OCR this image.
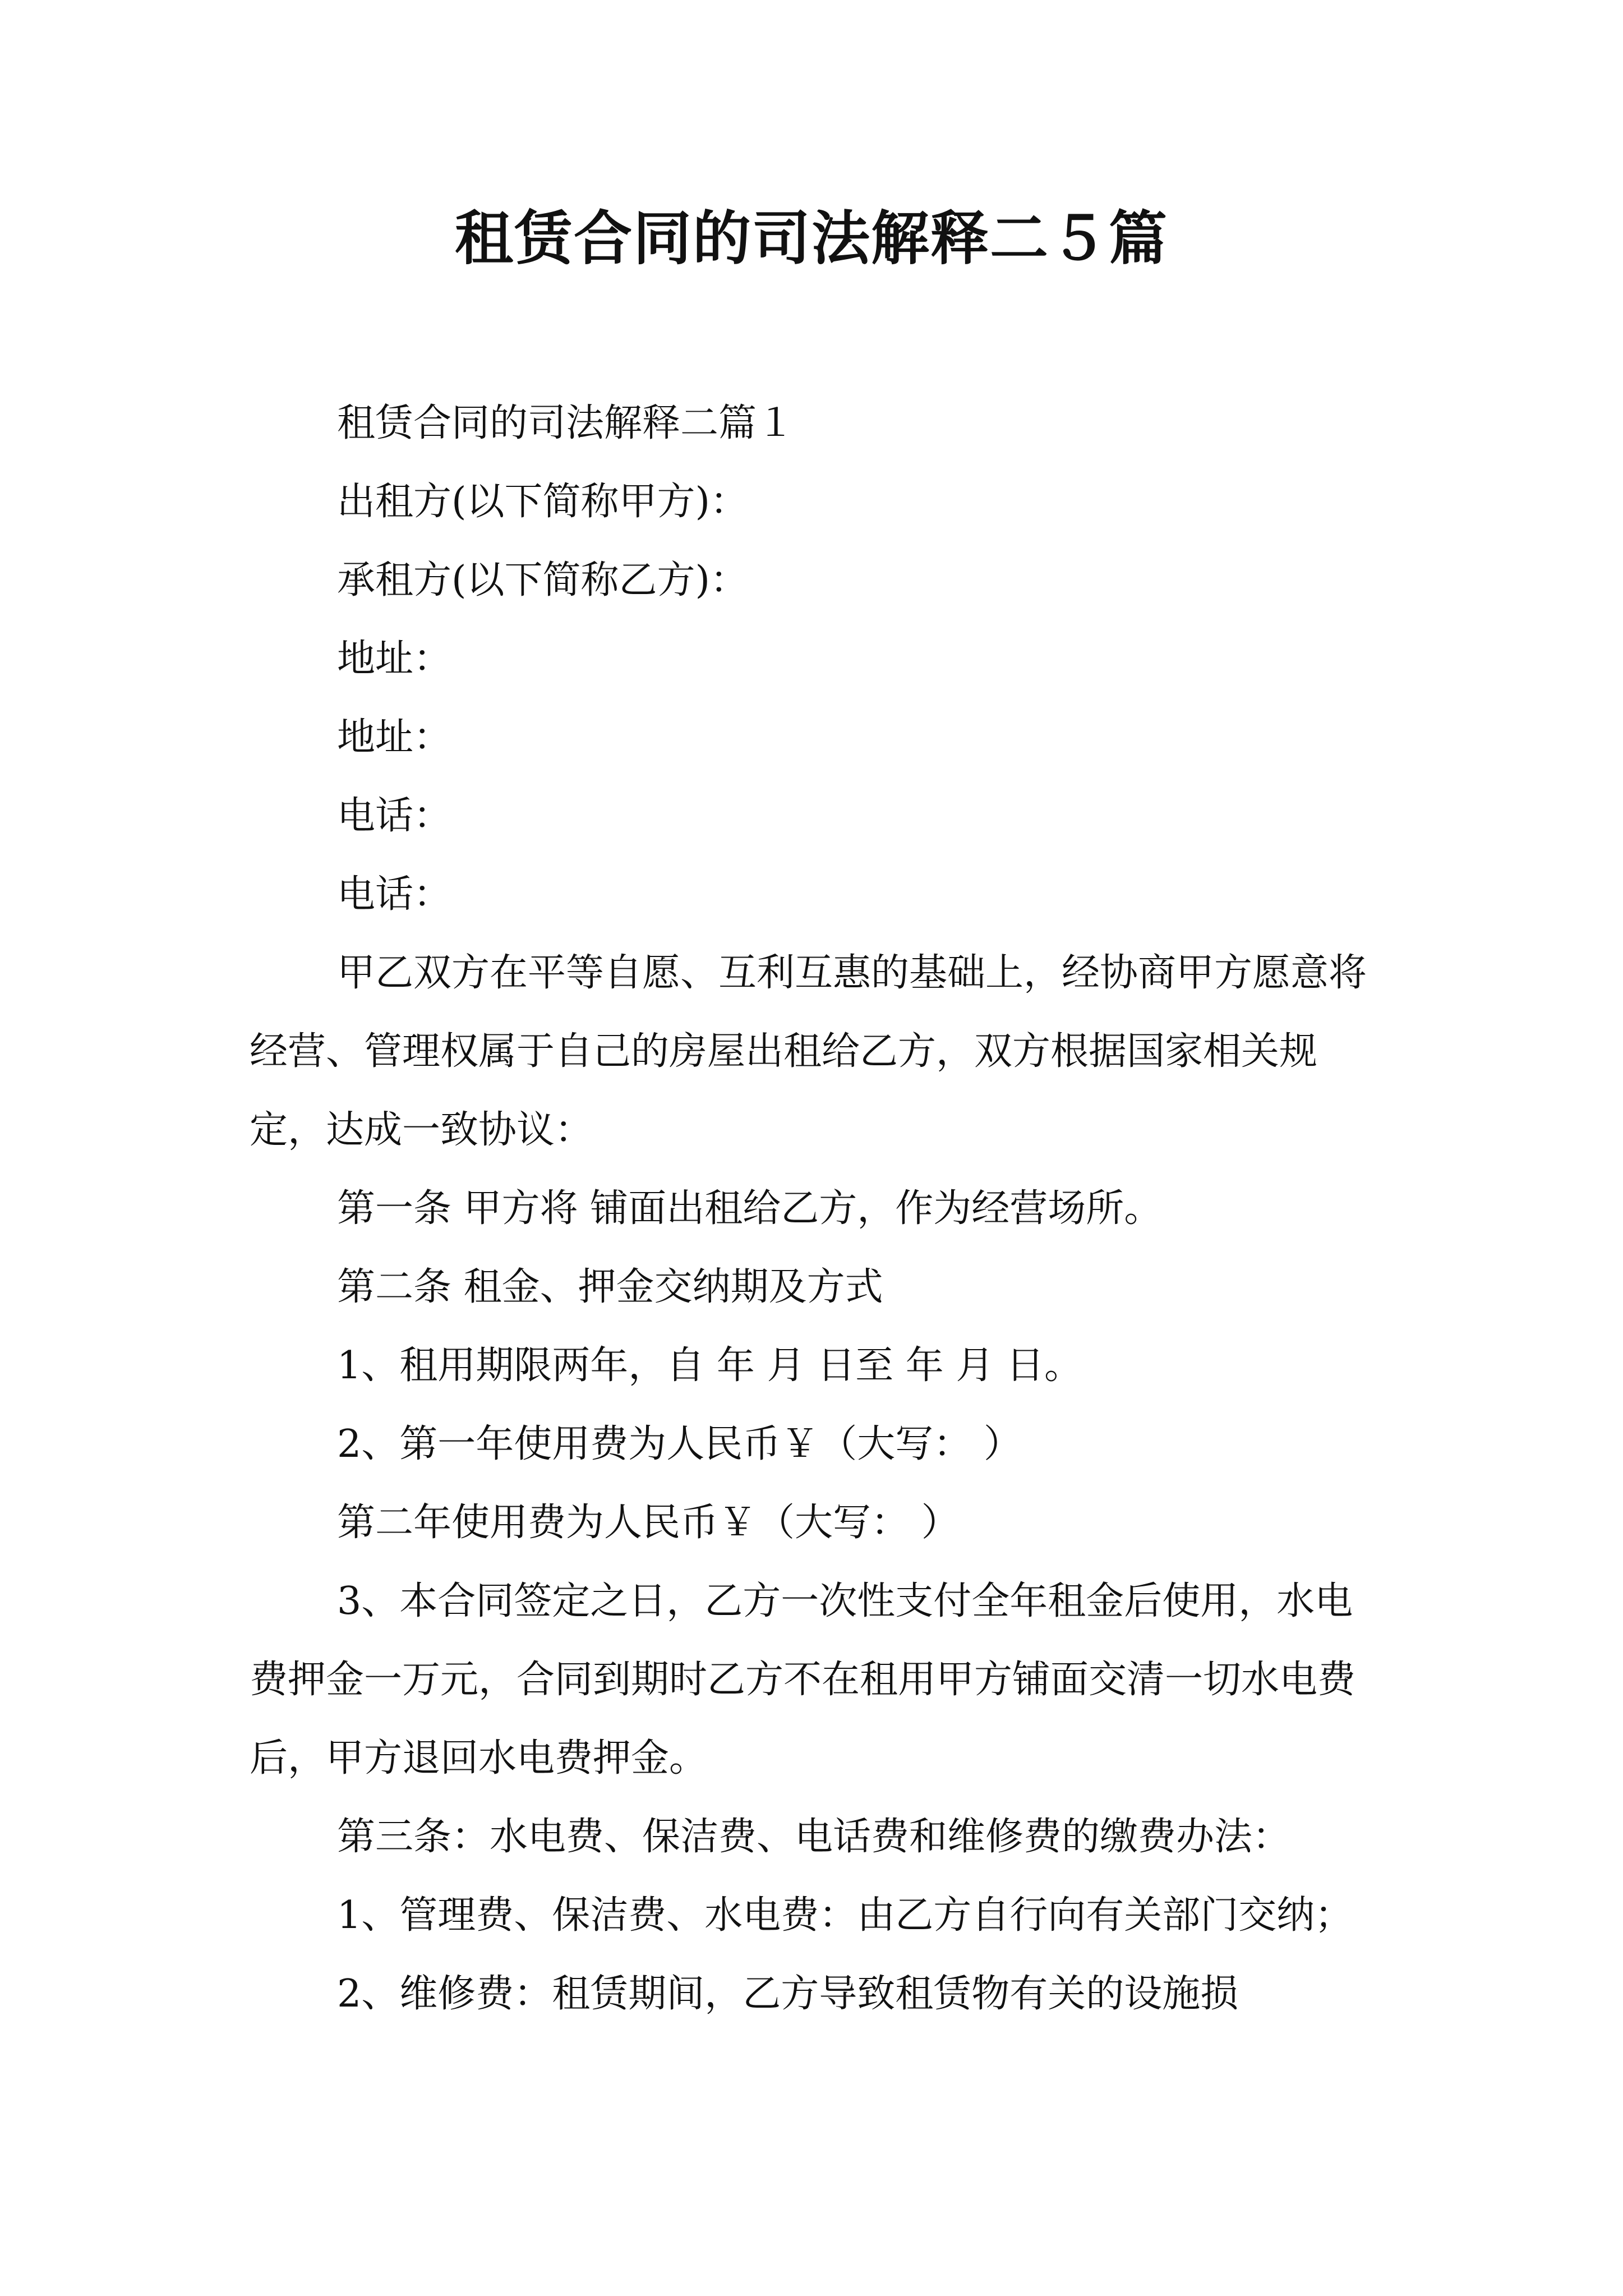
租赁合同的司法解释二５篇

租赁合同的司法解释二篇１

出租方(以下简称甲方)：

承租方(以下简称乙方)：

地址：

地址：

电话：

电话：

甲乙双方在平等自愿、互利互惠的基础上，经协商甲方愿意将经营、管理权属于自己的房屋出租给乙方，双方根据国家相关规定，达成一致协议：

第一条 甲方将 铺面出租给乙方，作为经营场所。

第二条 租金、押金交纳期及方式

1、租用期限两年，自 年 月 日至 年 月 日。

2、第一年使用费为人民币￥（大写： ）

第二年使用费为人民币￥（大写： ）

3、本合同签定之日，乙方一次性支付全年租金后使用，水电费押金一万元，合同到期时乙方不在租用甲方铺面交清一切水电费后，甲方退回水电费押金。

第三条：水电费、保洁费、电话费和维修费的缴费办法：

1、管理费、保洁费、水电费：由乙方自行向有关部门交纳；

2、维修费：租赁期间，乙方导致租赁物有关的设施损
